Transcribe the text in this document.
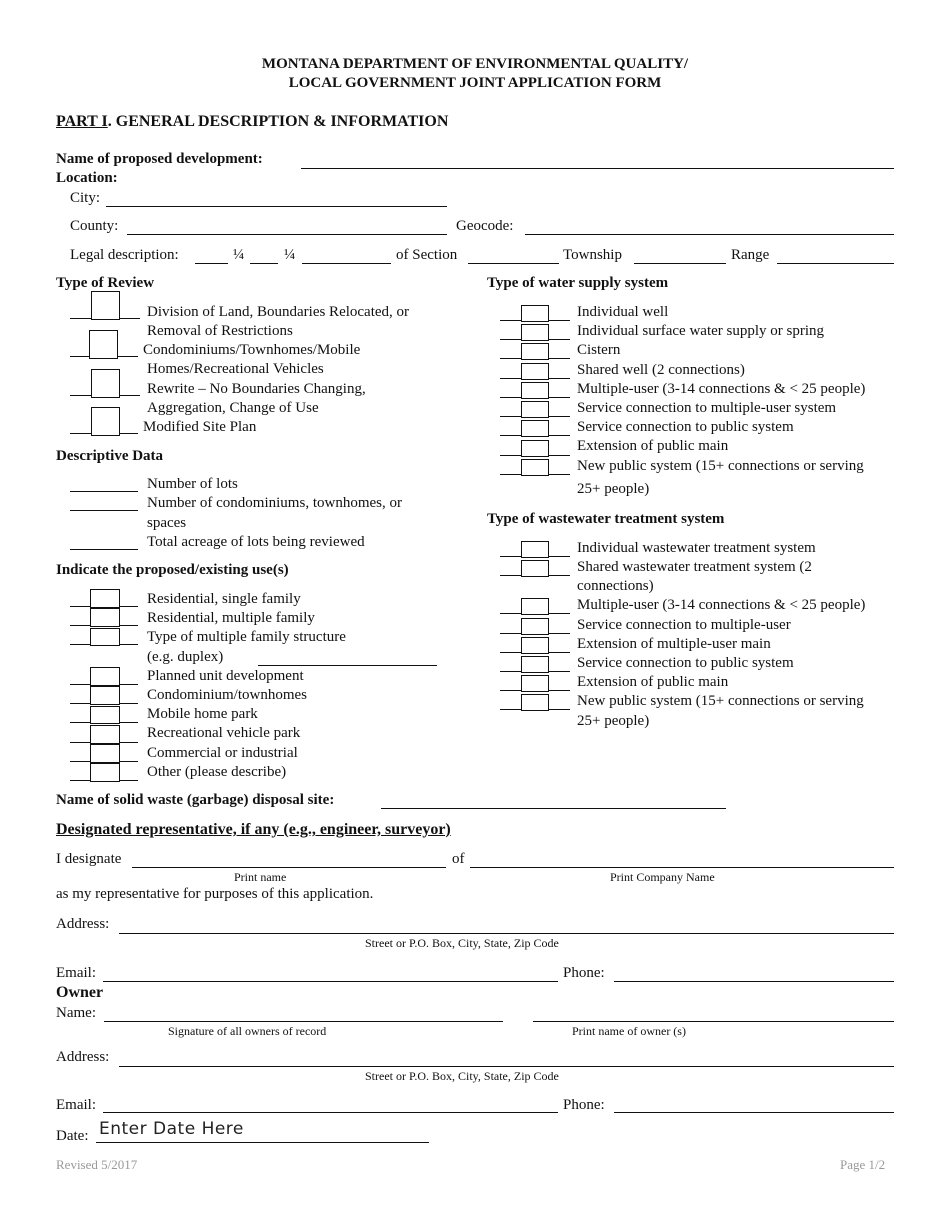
MONTANA DEPARTMENT OF ENVIRONMENTAL QUALITY/
LOCAL GOVERNMENT JOINT APPLICATION FORM
PART I. GENERAL DESCRIPTION & INFORMATION
Name of proposed development:
Location:
City:
County:	Geocode:
Legal description:	¼	¼	of Section	Township	Range
Type of Review
Division of Land, Boundaries Relocated, or
Removal of Restrictions
Condominiums/Townhomes/Mobile
Homes/Recreational Vehicles
Rewrite – No Boundaries Changing,
Aggregation, Change of Use
Modified Site Plan
Descriptive Data
Number of lots
Number of condominiums, townhomes, or
spaces
Total acreage of lots being reviewed
Indicate the proposed/existing use(s)
Residential, single family
Residential, multiple family
Type of multiple family structure
(e.g. duplex)
Planned unit development
Condominium/townhomes
Mobile home park
Recreational vehicle park
Commercial or industrial
Other (please describe)
Type of water supply system
Individual well
Individual surface water supply or spring
Cistern
Shared well (2 connections)
Multiple-user (3-14 connections & < 25 people)
Service connection to multiple-user system
Service connection to public system
Extension of public main
New public system (15+ connections or serving
25+ people)
Type of wastewater treatment system
Individual wastewater treatment system
Shared wastewater treatment system (2
connections)
Multiple-user (3-14 connections & < 25 people)
Service connection to multiple-user
Extension of multiple-user main
Service connection to public system
Extension of public main
New public system (15+ connections or serving
25+ people)
Name of solid waste (garbage) disposal site:
Designated representative, if any (e.g., engineer, surveyor)
I designate	of
Print name	Print Company Name
as my representative for purposes of this application.
Address:
Street or P.O. Box, City, State, Zip Code
Email:	Phone:
Owner
Name:
Signature of all owners of record	Print name of owner (s)
Address:
Street or P.O. Box, City, State, Zip Code
Email:	Phone:
Date: Enter Date Here
Revised 5/2017	Page 1/2
